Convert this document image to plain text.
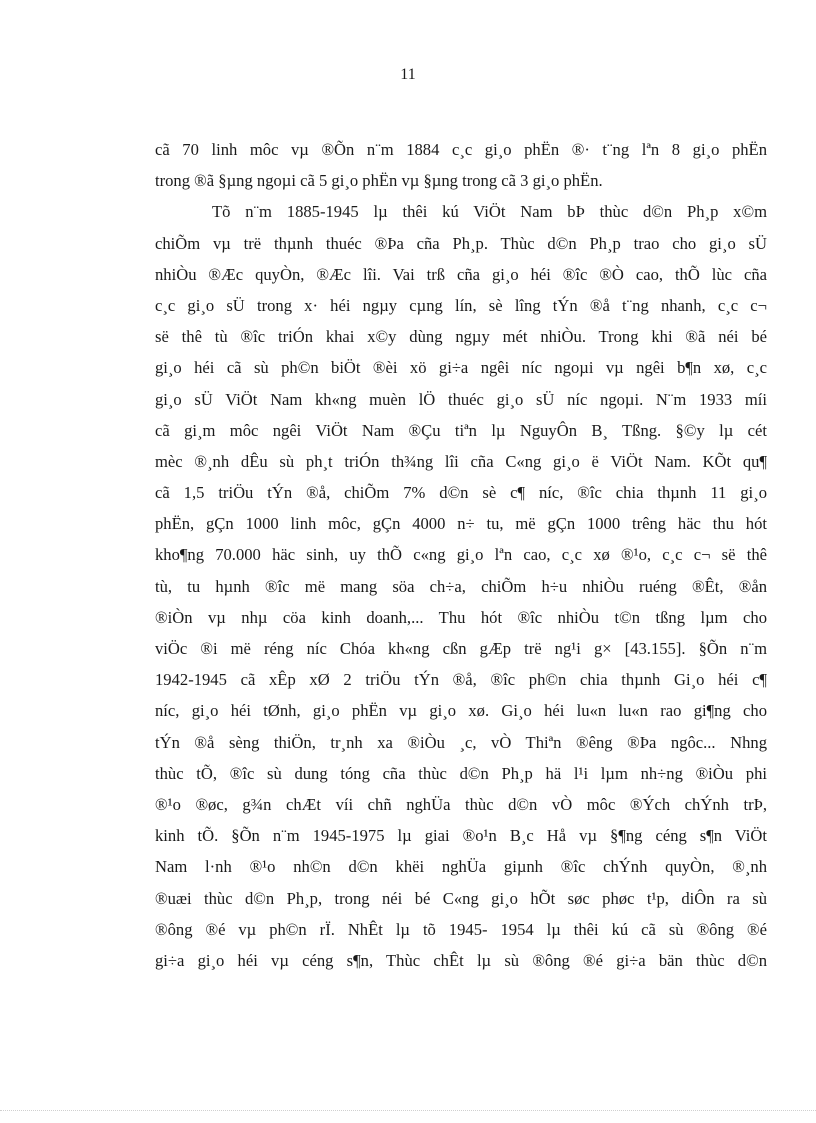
11
cã 70 linh môc vµ ®Õn n¨m 1884 c¸c gi¸o phËn ®· t¨ng lªn 8 gi¸o phËn
trong ®ã §µng ngoµi cã 5 gi¸o phËn vµ §µng trong cã 3 gi¸o phËn.
Tõ n¨m 1885-1945 lµ thêi kú ViÖt Nam bÞ thùc d©n Ph¸p x©m
chiÕm vµ trë thµnh thuéc ®Þa cña Ph¸p. Thùc d©n Ph¸p trao cho gi¸o sÜ
nhiÒu ®Æc quyÒn, ®Æc lîi. Vai trß cña gi¸o héi ®îc ®Ò cao, thÕ lùc cña
c¸c gi¸o sÜ trong x· héi ngµy cµng lín, sè lîng tÝn ®å t¨ng nhanh, c¸c c¬
së thê tù ®îc triÓn khai x©y dùng ngµy mét nhiÒu. Trong khi ®ã néi bé
gi¸o héi cã sù ph©n biÖt ®èi xö gi÷a ngêi níc ngoµi vµ ngêi b¶n xø, c¸c
gi¸o sÜ ViÖt Nam kh«ng muèn lÖ thuéc gi¸o sÜ níc ngoµi. N¨m 1933 míi
cã gi¸m môc ngêi ViÖt Nam ®Çu tiªn lµ NguyÔn B¸ Tßng. §©y lµ cét
mèc ®¸nh dÊu sù ph¸t triÓn th¾ng lîi cña C«ng gi¸o ë ViÖt Nam. KÕt qu¶
cã 1,5 triÖu tÝn ®å, chiÕm 7% d©n sè c¶ níc, ®îc chia thµnh 11 gi¸o
phËn, gÇn 1000 linh môc, gÇn 4000 n÷ tu, më gÇn 1000 trêng häc thu hót
kho¶ng 70.000 häc sinh, uy thÕ c«ng gi¸o lªn cao, c¸c xø ®¹o, c¸c c¬ së thê
tù, tu hµnh ®îc më mang söa ch÷a, chiÕm h÷u nhiÒu ruéng ®Êt, ®ån
®iÒn vµ nhµ cöa kinh doanh,... Thu hót ®îc nhiÒu t©n tßng lµm cho
viÖc ®i më réng níc Chóa kh«ng cßn gÆp trë ng¹i g× [43.155]. §Õn n¨m
1942-1945 cã xÊp xØ 2 triÖu tÝn ®å, ®îc ph©n chia thµnh Gi¸o héi c¶
níc, gi¸o héi tØnh, gi¸o phËn vµ gi¸o xø. Gi¸o héi lu«n lu«n rao gi¶ng cho
tÝn ®å sèng thiÖn, tr¸nh xa ®iÒu ¸c, vÒ Thiªn ®êng ®Þa ngôc... Nhng
thùc tÕ, ®îc sù dung tóng cña thùc d©n Ph¸p hä l¹i lµm nh÷ng ®iÒu phi
®¹o ®øc, g¾n chÆt víi chñ nghÜa thùc d©n vÒ môc ®Ých chÝnh trÞ,
kinh tÕ. §Õn n¨m 1945-1975 lµ giai ®o¹n B¸c Hå vµ §¶ng céng s¶n ViÖt
Nam l·nh ®¹o nh©n d©n khëi nghÜa giµnh ®îc chÝnh quyÒn, ®¸nh
®uæi thùc d©n Ph¸p, trong néi bé C«ng gi¸o hÕt søc phøc t¹p, diÔn ra sù
®ông ®é vµ ph©n rÏ. NhÊt lµ tõ 1945- 1954 lµ thêi kú cã sù ®ông ®é
gi÷a gi¸o héi vµ céng s¶n, Thùc chÊt lµ sù ®ông ®é gi÷a bän thùc d©n
